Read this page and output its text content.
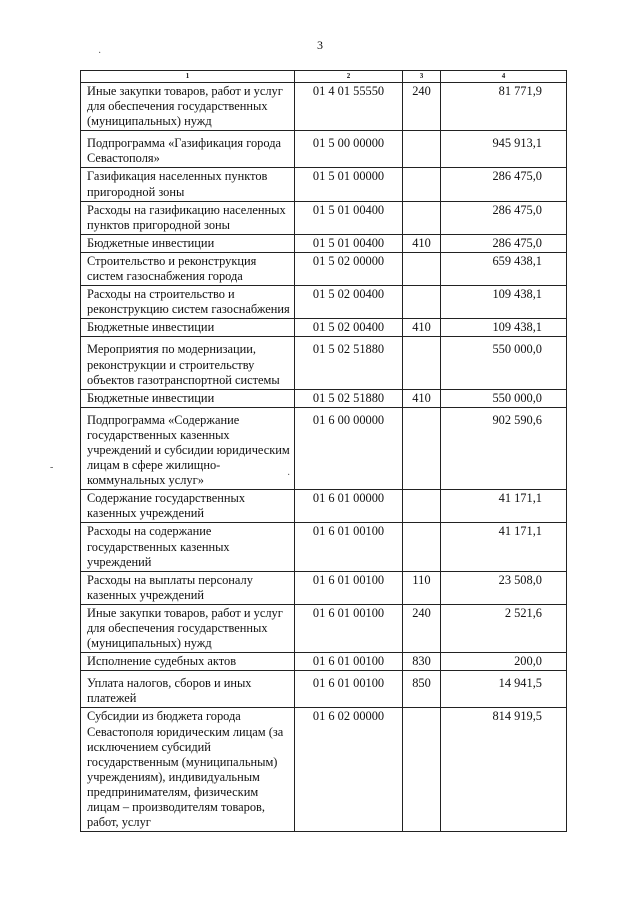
3
·
-
·
1	2	3	4
Иные закупки товаров, работ и услуг для обеспечения государственных (муниципальных) нужд	01 4 01 55550	240	81 771,9
Подпрограмма «Газификация города Севастополя»	01 5 00 00000		945 913,1
Газификация населенных пунктов пригородной зоны	01 5 01 00000		286 475,0
Расходы на газификацию населенных пунктов пригородной зоны	01 5 01 00400		286 475,0
Бюджетные инвестиции	01 5 01 00400	410	286 475,0
Строительство и реконструкция систем газоснабжения города	01 5 02 00000		659 438,1
Расходы на строительство и реконструкцию систем газоснабжения	01 5 02 00400		109 438,1
Бюджетные инвестиции	01 5 02 00400	410	109 438,1
Мероприятия по модернизации, реконструкции и строительству объектов газотранспортной системы	01 5 02 51880		550 000,0
Бюджетные инвестиции	01 5 02 51880	410	550 000,0
Подпрограмма «Содержание государственных казенных учреждений и субсидии юридическим лицам в сфере жилищно-коммунальных услуг»	01 6 00 00000		902 590,6
Содержание государственных казенных учреждений	01 6 01 00000		41 171,1
Расходы на содержание государственных казенных учреждений	01 6 01 00100		41 171,1
Расходы на выплаты персоналу казенных учреждений	01 6 01 00100	110	23 508,0
Иные закупки товаров, работ и услуг для обеспечения государственных (муниципальных) нужд	01 6 01 00100	240	2 521,6
Исполнение судебных актов	01 6 01 00100	830	200,0
Уплата налогов, сборов и иных платежей	01 6 01 00100	850	14 941,5
Субсидии из бюджета города Севастополя юридическим лицам (за исключением субсидий государственным (муниципальным) учреждениям), индивидуальным предпринимателям, физическим лицам – производителям товаров, работ, услуг	01 6 02 00000		814 919,5
